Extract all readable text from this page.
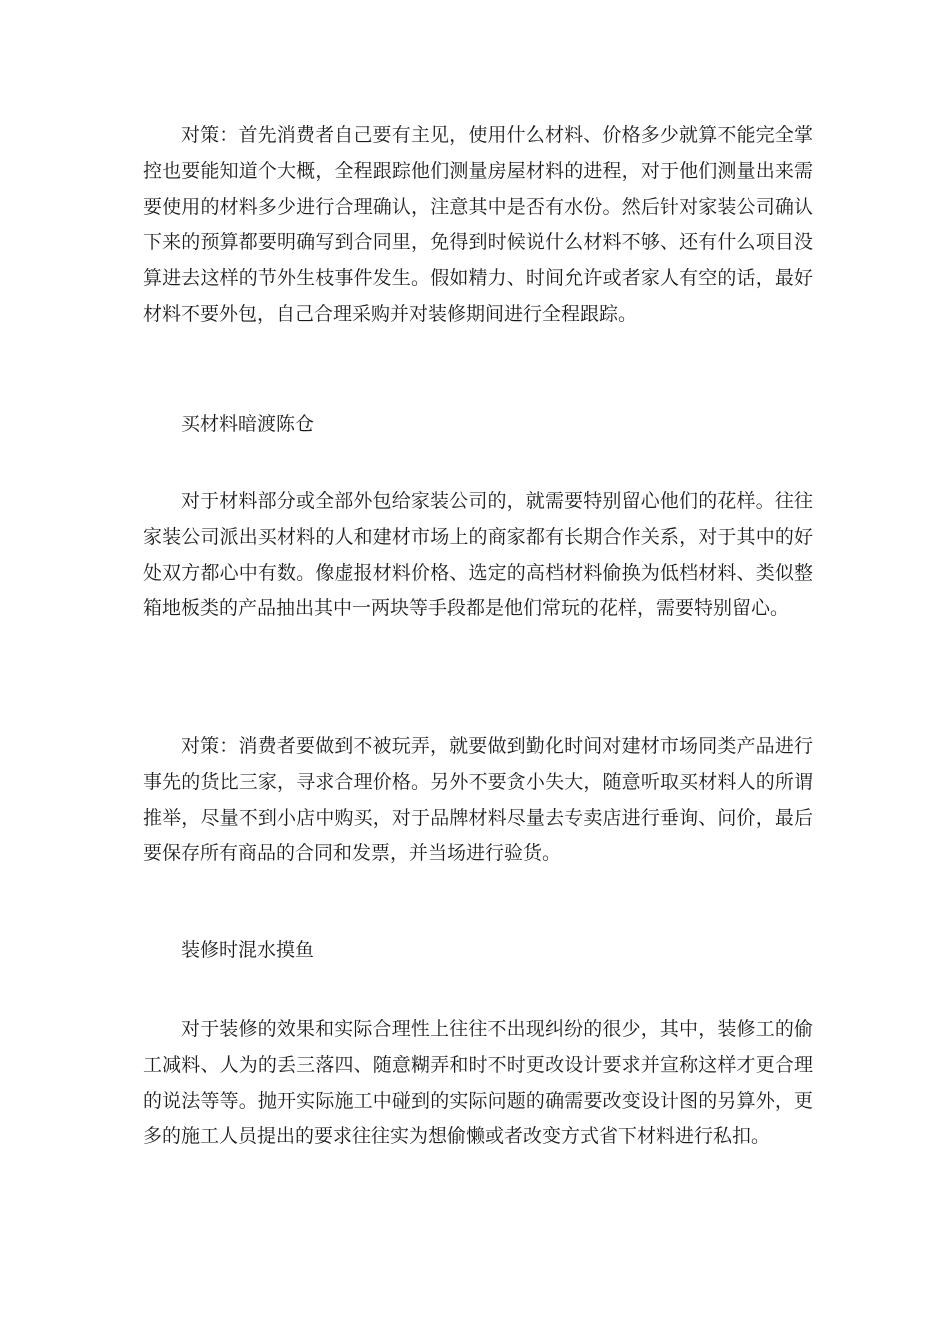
对策：首先消费者自己要有主见，使用什么材料、价格多少就算不能完全掌控也要能知道个大概，全程跟踪他们测量房屋材料的进程，对于他们测量出来需要使用的材料多少进行合理确认，注意其中是否有水份。然后针对家装公司确认下来的预算都要明确写到合同里，免得到时候说什么材料不够、还有什么项目没算进去这样的节外生枝事件发生。假如精力、时间允许或者家人有空的话，最好材料不要外包，自己合理采购并对装修期间进行全程跟踪。

买材料暗渡陈仓

对于材料部分或全部外包给家装公司的，就需要特别留心他们的花样。往往家装公司派出买材料的人和建材市场上的商家都有长期合作关系，对于其中的好处双方都心中有数。像虚报材料价格、选定的高档材料偷换为低档材料、类似整箱地板类的产品抽出其中一两块等手段都是他们常玩的花样，需要特别留心。

对策：消费者要做到不被玩弄，就要做到勤化时间对建材市场同类产品进行事先的货比三家，寻求合理价格。另外不要贪小失大，随意听取买材料人的所谓推举，尽量不到小店中购买，对于品牌材料尽量去专卖店进行垂询、问价，最后要保存所有商品的合同和发票，并当场进行验货。

装修时混水摸鱼

对于装修的效果和实际合理性上往往不出现纠纷的很少，其中，装修工的偷工减料、人为的丢三落四、随意糊弄和时不时更改设计要求并宣称这样才更合理的说法等等。抛开实际施工中碰到的实际问题的确需要改变设计图的另算外，更多的施工人员提出的要求往往实为想偷懒或者改变方式省下材料进行私扣。
